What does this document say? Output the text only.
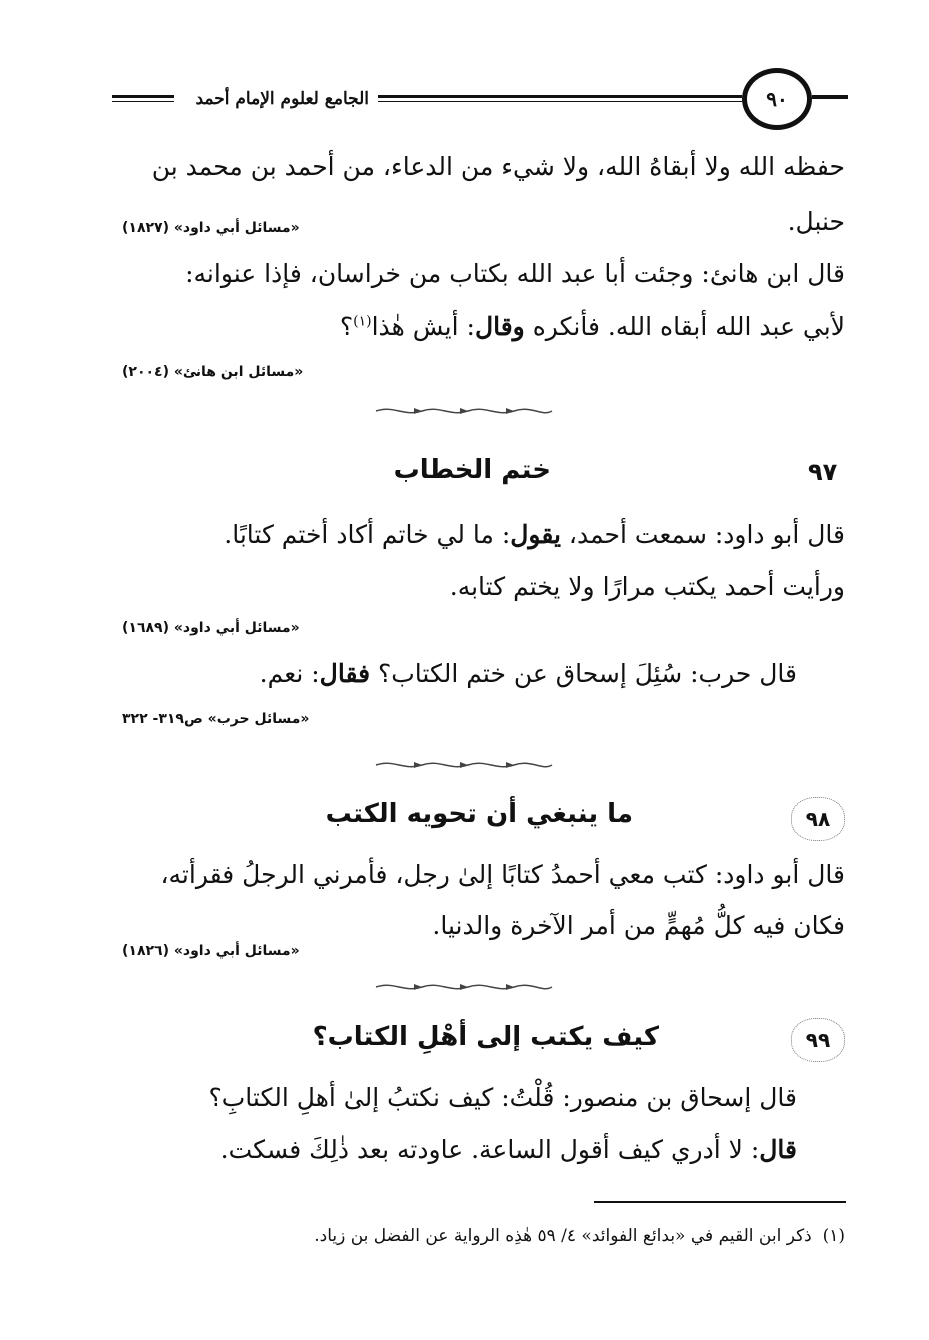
الجامع لعلوم الإمام أحمد	٩٠
حفظه الله ولا أبقاهُ الله، ولا شيء من الدعاء، من أحمد بن محمد بن
حنبل.
«مسائل أبي داود» (١٨٢٧)
قال ابن هانئ: وجئت أبا عبد الله بكتاب من خراسان، فإذا عنوانه:
لأبي عبد الله أبقاه الله. فأنكره وقال: أيش هٰذا$^{(١)}$؟
«مسائل ابن هانئ» (٢٠٠٤)
٩٧
ختم الخطاب
قال أبو داود: سمعت أحمد، يقول: ما لي خاتم أكاد أختم كتابًا.
ورأيت أحمد يكتب مرارًا ولا يختم كتابه.
«مسائل أبي داود» (١٦٨٩)
قال حرب: سُئِلَ إسحاق عن ختم الكتاب؟ فقال: نعم.
«مسائل حرب» ص٣١٩- ٣٢٢
٩٨
ما ينبغي أن تحويه الكتب
قال أبو داود: كتب معي أحمدُ كتابًا إلىٰ رجل، فأمرني الرجلُ فقرأته،
فكان فيه كلُّ مُهمٍّ من أمر الآخرة والدنيا.
«مسائل أبي داود» (١٨٢٦)
٩٩
كيف يكتب إلى أهْلِ الكتاب؟
قال إسحاق بن منصور: قُلْتُ: كيف نكتبُ إلىٰ أهلِ الكتابِ؟
قال: لا أدري كيف أقول الساعة. عاودته بعد ذٰلِكَ فسكت.
(١)  ذكر ابن القيم في «بدائع الفوائد» ٤/ ٥٩ هٰذِه الرواية عن الفضل بن زياد.
